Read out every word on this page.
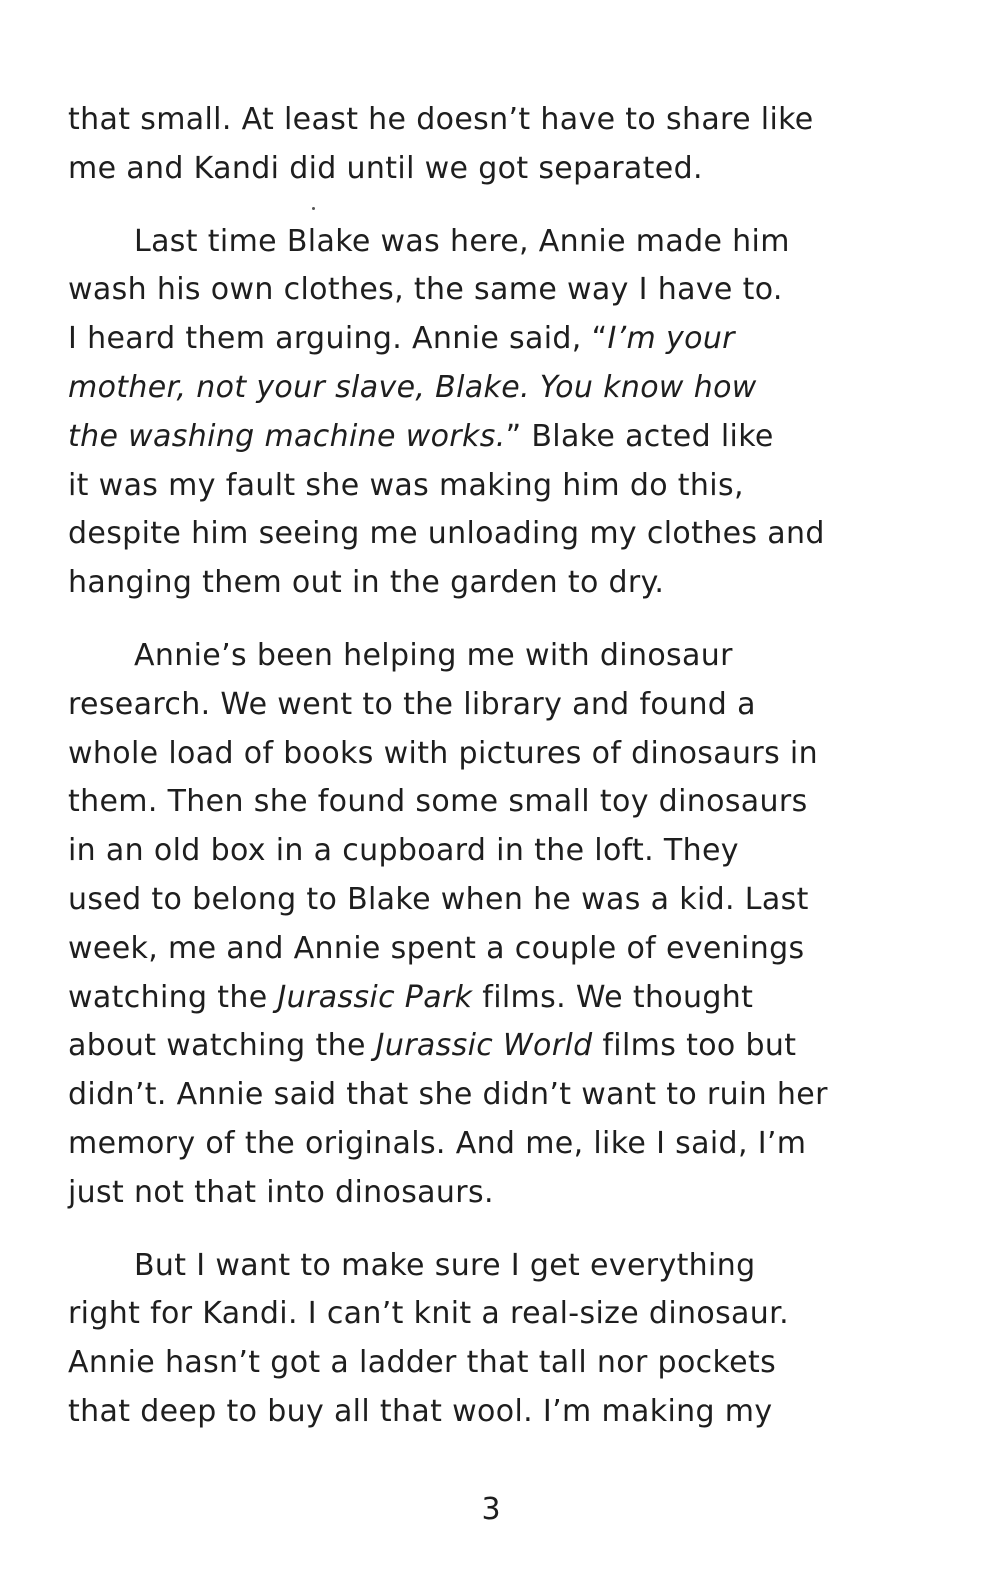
that small. At least he doesn’t have to share like
me and Kandi did until we got separated.

Last time Blake was here, Annie made him
wash his own clothes, the same way I have to.
I heard them arguing. Annie said, “I’m your
mother, not your slave, Blake. You know how
the washing machine works.” Blake acted like
it was my fault she was making him do this,
despite him seeing me unloading my clothes and
hanging them out in the garden to dry.

Annie’s been helping me with dinosaur
research. We went to the library and found a
whole load of books with pictures of dinosaurs in
them. Then she found some small toy dinosaurs
in an old box in a cupboard in the loft. They
used to belong to Blake when he was a kid. Last
week, me and Annie spent a couple of evenings
watching the Jurassic Park films. We thought
about watching the Jurassic World films too but
didn’t. Annie said that she didn’t want to ruin her
memory of the originals. And me, like I said, I’m
just not that into dinosaurs.

But I want to make sure I get everything
right for Kandi. I can’t knit a real-size dinosaur.
Annie hasn’t got a ladder that tall nor pockets
that deep to buy all that wool. I’m making my

3
